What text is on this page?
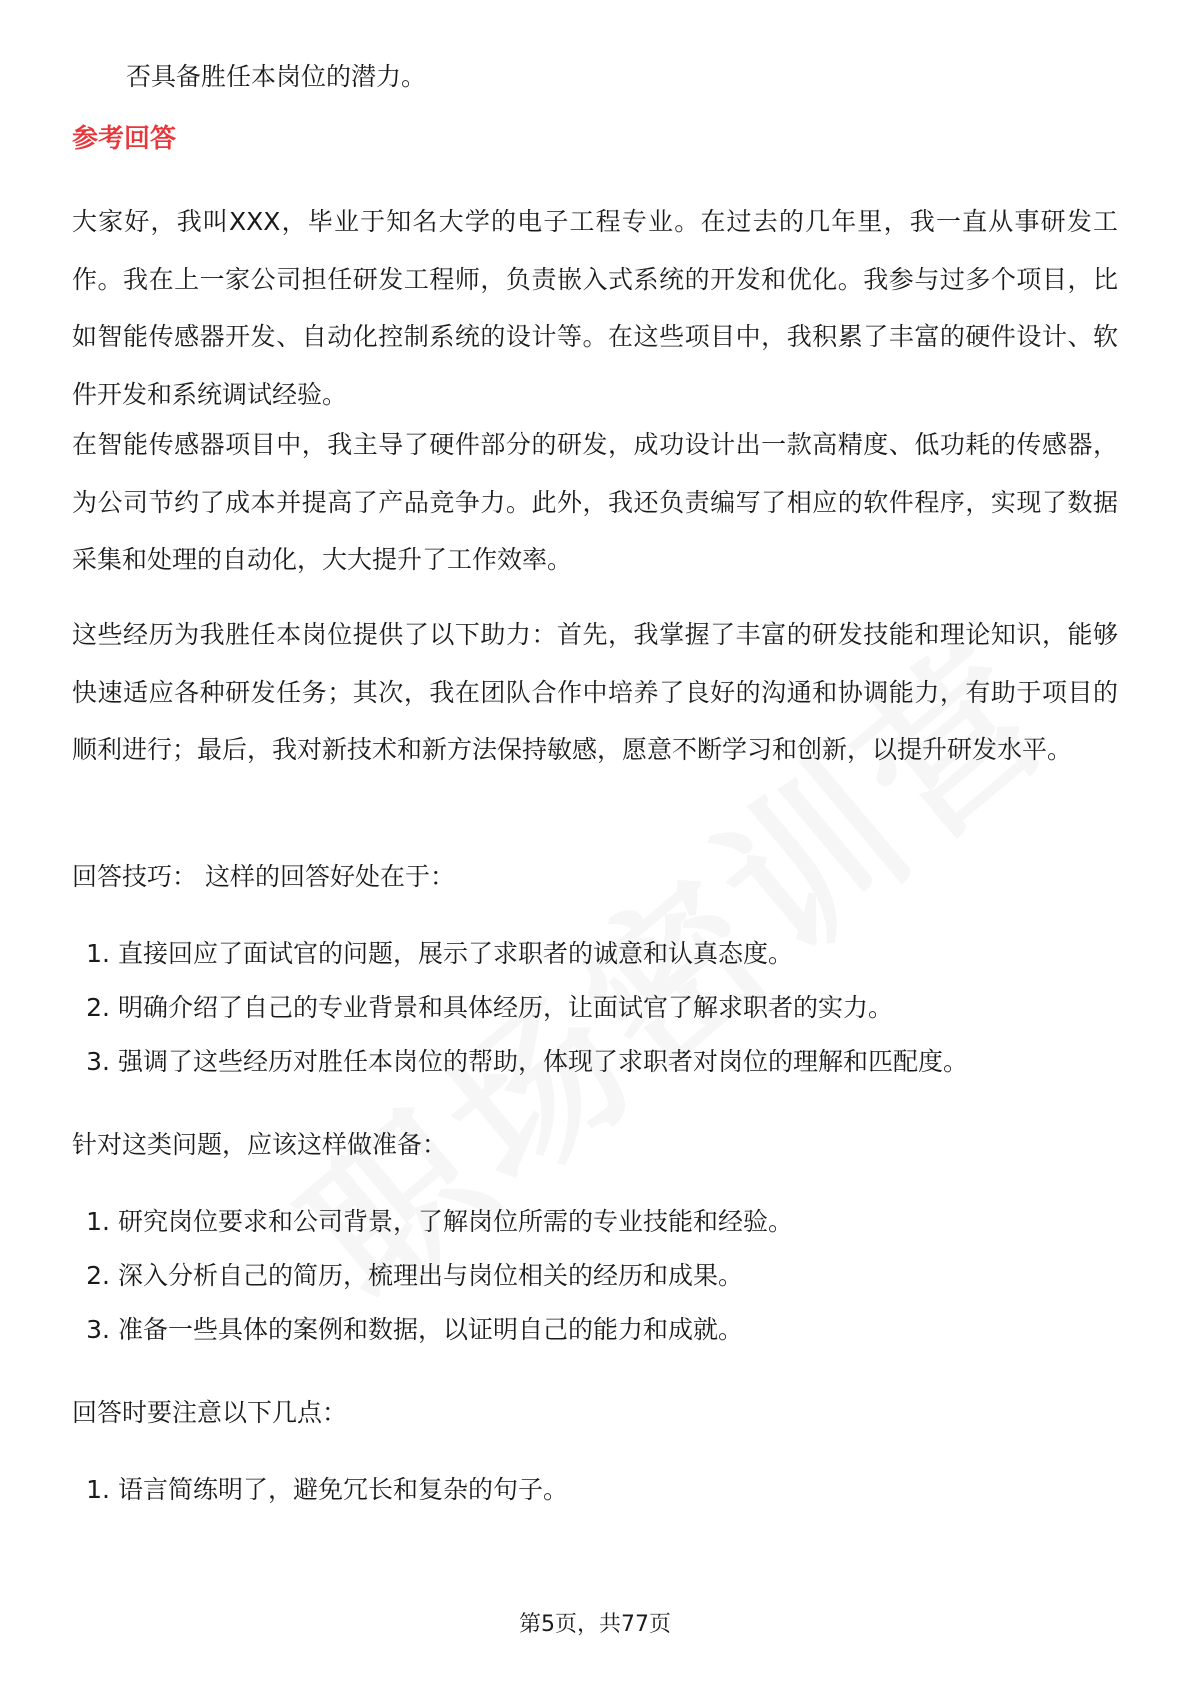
否具备胜任本岗位的潜力。
参考回答

大家好，我叫XXX，毕业于知名大学的电子工程专业。在过去的几年里，我一直从事研发工作。我在上一家公司担任研发工程师，负责嵌入式系统的开发和优化。我参与过多个项目，比如智能传感器开发、自动化控制系统的设计等。在这些项目中，我积累了丰富的硬件设计、软件开发和系统调试经验。

在智能传感器项目中，我主导了硬件部分的研发，成功设计出一款高精度、低功耗的传感器，为公司节约了成本并提高了产品竞争力。此外，我还负责编写了相应的软件程序，实现了数据采集和处理的自动化，大大提升了工作效率。

这些经历为我胜任本岗位提供了以下助力：首先，我掌握了丰富的研发技能和理论知识，能够快速适应各种研发任务；其次，我在团队合作中培养了良好的沟通和协调能力，有助于项目的顺利进行；最后，我对新技术和新方法保持敏感，愿意不断学习和创新，以提升研发水平。

回答技巧： 这样的回答好处在于：
1. 直接回应了面试官的问题，展示了求职者的诚意和认真态度。
2. 明确介绍了自己的专业背景和具体经历，让面试官了解求职者的实力。
3. 强调了这些经历对胜任本岗位的帮助，体现了求职者对岗位的理解和匹配度。
针对这类问题，应该这样做准备：
1. 研究岗位要求和公司背景，了解岗位所需的专业技能和经验。
2. 深入分析自己的简历，梳理出与岗位相关的经历和成果。
3. 准备一些具体的案例和数据，以证明自己的能力和成就。
回答时要注意以下几点：
1. 语言简练明了，避免冗长和复杂的句子。
第5页，共77页
